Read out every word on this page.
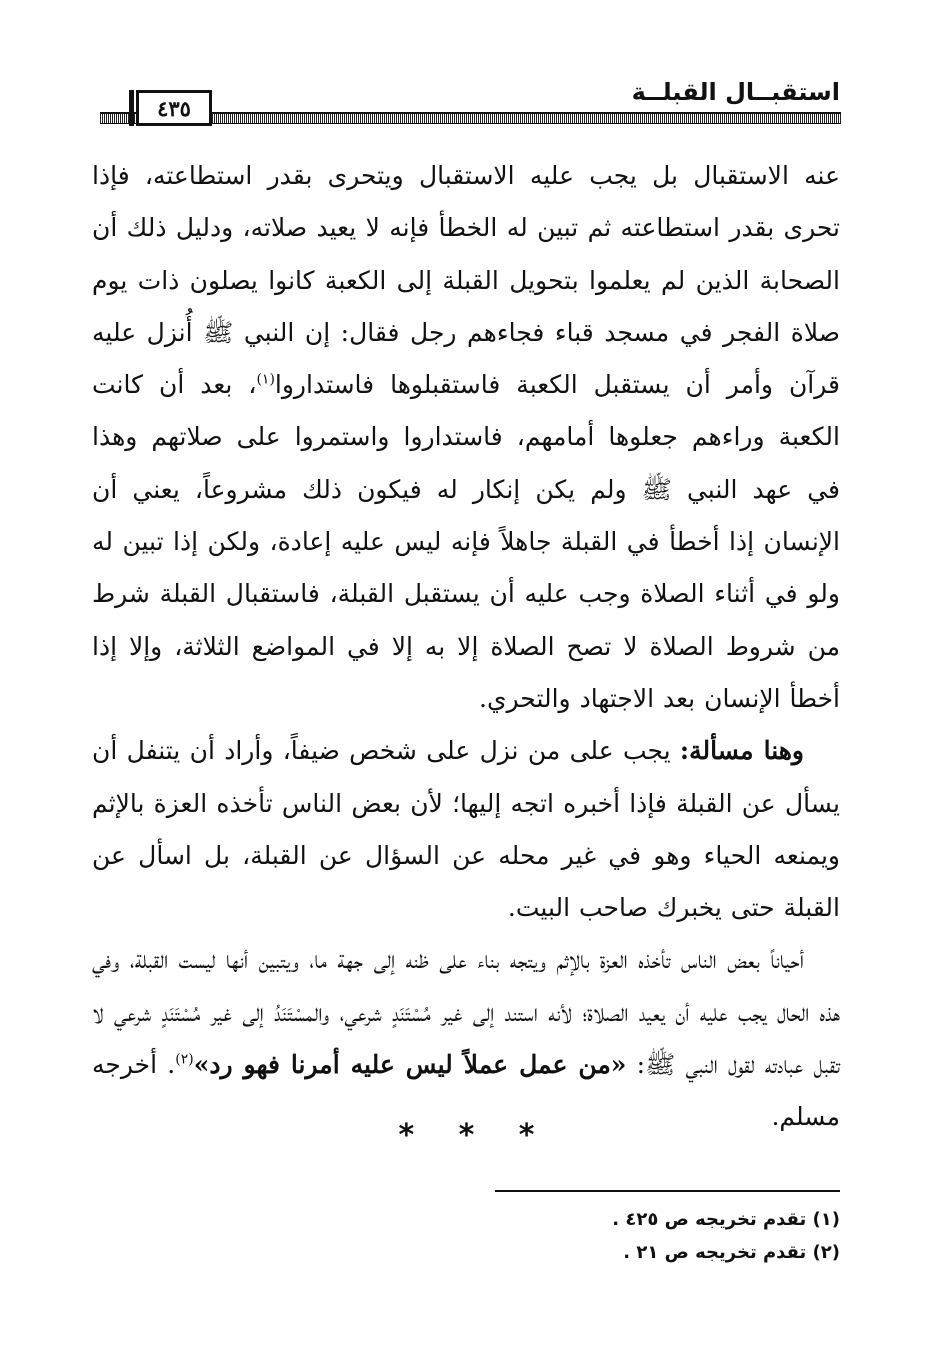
٤٣٥
استقبــال القبلــة

عنه الاستقبال بل يجب عليه الاستقبال ويتحرى بقدر استطاعته، فإذا تحرى بقدر استطاعته ثم تبين له الخطأ فإنه لا يعيد صلاته، ودليل ذلك أن الصحابة الذين لم يعلموا بتحويل القبلة إلى الكعبة كانوا يصلون ذات يوم صلاة الفجر في مسجد قباء فجاءهم رجل فقال: إن النبي ﷺ أُنزل عليه قرآن وأمر أن يستقبل الكعبة فاستقبلوها فاستداروا$^{(١)}$، بعد أن كانت الكعبة وراءهم جعلوها أمامهم، فاستداروا واستمروا على صلاتهم وهذا في عهد النبي ﷺ ولم يكن إنكار له فيكون ذلك مشروعاً، يعني أن الإنسان إذا أخطأ في القبلة جاهلاً فإنه ليس عليه إعادة، ولكن إذا تبين له ولو في أثناء الصلاة وجب عليه أن يستقبل القبلة، فاستقبال القبلة شرط من شروط الصلاة لا تصح الصلاة إلا به إلا في المواضع الثلاثة، وإلا إذا أخطأ الإنسان بعد الاجتهاد والتحري.

وهنا مسألة: يجب على من نزل على شخص ضيفاً، وأراد أن يتنفل أن يسأل عن القبلة فإذا أخبره اتجه إليها؛ لأن بعض الناس تأخذه العزة بالإثم ويمنعه الحياء وهو في غير محله عن السؤال عن القبلة، بل اسأل عن القبلة حتى يخبرك صاحب البيت.

أحياناً بعض الناس تأخذه العزة بالإثم ويتجه بناء على ظنه إلى جهة ما، ويتبين أنها ليست القبلة، وفي هذه الحال يجب عليه أن يعيد الصلاة؛ لأنه استند إلى غير مُسْتَنَدٍ شرعي، والمسْتَنَدُ إلى غير مُسْتَنَدٍ شرعي لا تقبل عبادته لقول النبي ﷺ: «من عمل عملاً ليس عليه أمرنا فهو رد»$^{(٢)}$. أخرجه مسلم.

* * *
(١) تقدم تخريجه ص ٤٢٥ .
(٢) تقدم تخريجه ص ٢١ .
